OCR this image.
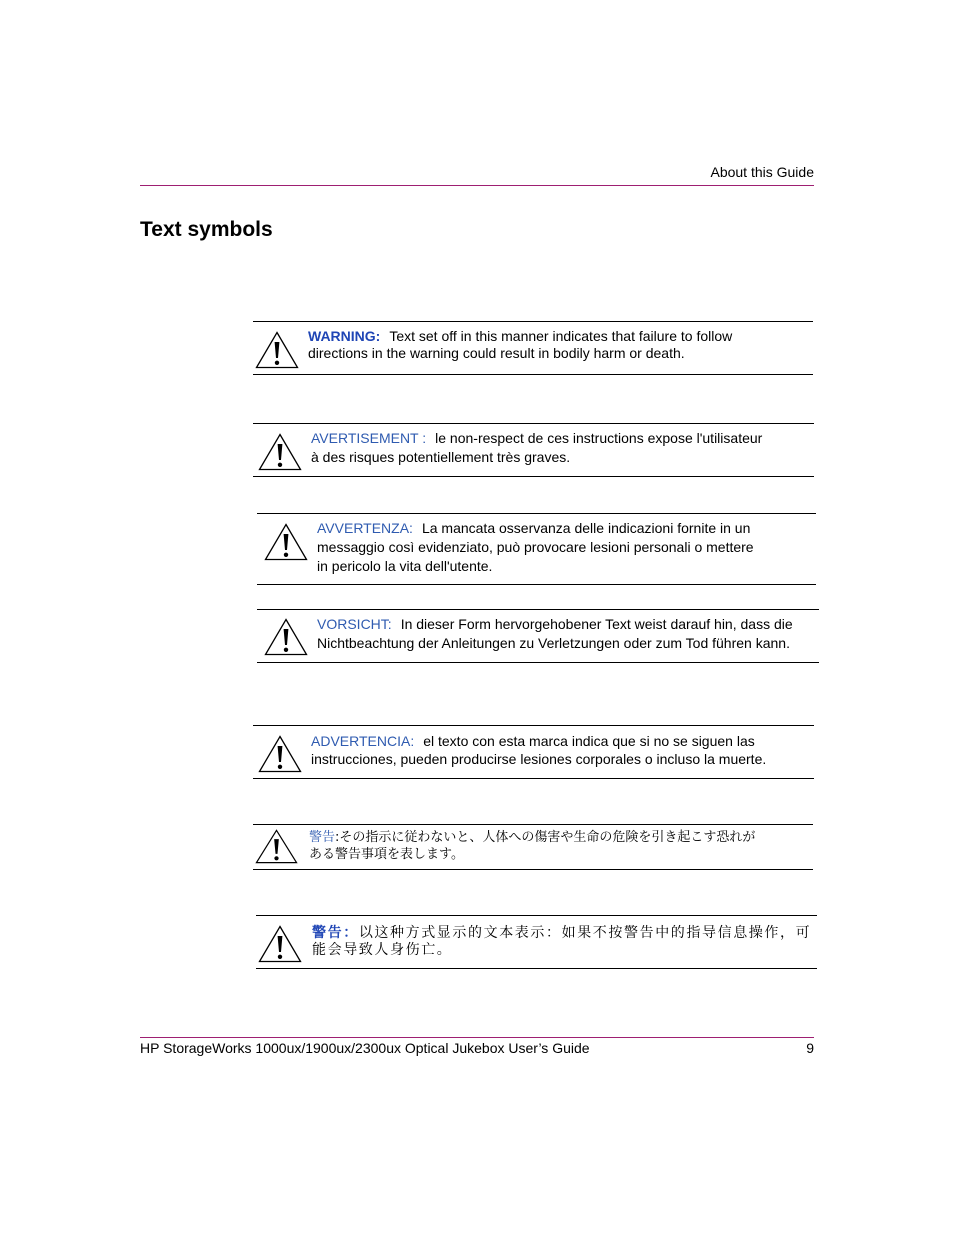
About this Guide
Text symbols
WARNING: Text set off in this manner indicates that failure to follow
directions in the warning could result in bodily harm or death.
AVERTISEMENT : le non-respect de ces instructions expose l'utilisateur
à des risques potentiellement très graves.
AVVERTENZA: La mancata osservanza delle indicazioni fornite in un
messaggio così evidenziato, può provocare lesioni personali o mettere
in pericolo la vita dell'utente.
VORSICHT: In dieser Form hervorgehobener Text weist darauf hin, dass die
Nichtbeachtung der Anleitungen zu Verletzungen oder zum Tod führen kann.
ADVERTENCIA: el texto con esta marca indica que si no se siguen las
instrucciones, pueden producirse lesiones corporales o incluso la muerte.
警告:その指示に従わないと、人体への傷害や生命の危険を引き起こす恐れが
ある警告事項を表します。
警告：以这种方式显示的文本表示：如果不按警告中的指导信息操作，可
能会导致人身伤亡。
HP StorageWorks 1000ux/1900ux/2300ux Optical Jukebox User’s Guide	9
